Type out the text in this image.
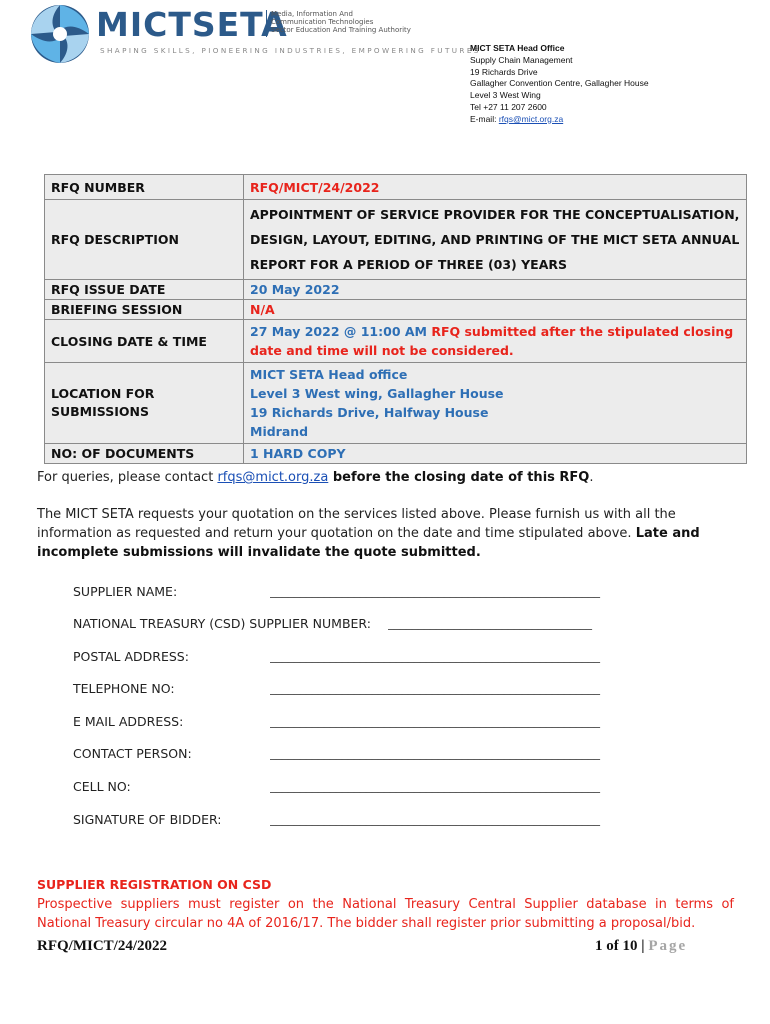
MICTSETA
Media, Information And
Communication Technologies
Sector Education And Training Authority
SHAPING SKILLS, PIONEERING INDUSTRIES, EMPOWERING FUTURES
MICT SETA Head Office
Supply Chain Management
19 Richards Drive
Gallagher Convention Centre, Gallagher House
Level 3 West Wing
Tel +27 11 207 2600
E-mail: rfqs@mict.org.za
RFQ NUMBER	RFQ/MICT/24/2022
RFQ DESCRIPTION	APPOINTMENT OF SERVICE PROVIDER FOR THE CONCEPTUALISATION,
DESIGN, LAYOUT, EDITING, AND PRINTING OF THE MICT SETA ANNUAL
REPORT FOR A PERIOD OF THREE (03) YEARS

RFQ ISSUE DATE	20 May 2022
BRIEFING SESSION	N/A
CLOSING DATE & TIME	27 May 2022 @ 11:00 AM RFQ submitted after the stipulated closing date and time will not be considered.

LOCATION FOR
SUBMISSIONS	MICT SETA Head office
Level 3 West wing, Gallagher House
19 Richards Drive, Halfway House
Midrand

NO: OF DOCUMENTS	1 HARD COPY
For queries, please contact rfqs@mict.org.za before the closing date of this RFQ.
The MICT SETA requests your quotation on the services listed above. Please furnish us with all the information as requested and return your quotation on the date and time stipulated above. Late and incomplete submissions will invalidate the quote submitted.
SUPPLIER NAME:	_______________________________________________________
NATIONAL TREASURY (CSD) SUPPLIER NUMBER: __________________________________
POSTAL ADDRESS:	_______________________________________________________
TELEPHONE NO:	_______________________________________________________
E MAIL ADDRESS:	_______________________________________________________
CONTACT PERSON:	_______________________________________________________
CELL NO:	_______________________________________________________
SIGNATURE OF BIDDER:	_______________________________________________________
SUPPLIER REGISTRATION ON CSD
Prospective suppliers must register on the National Treasury Central Supplier database in terms of National Treasury circular no 4A of 2016/17. The bidder shall register prior submitting a proposal/bid.
RFQ/MICT/24/2022	1 of 10 | Page
